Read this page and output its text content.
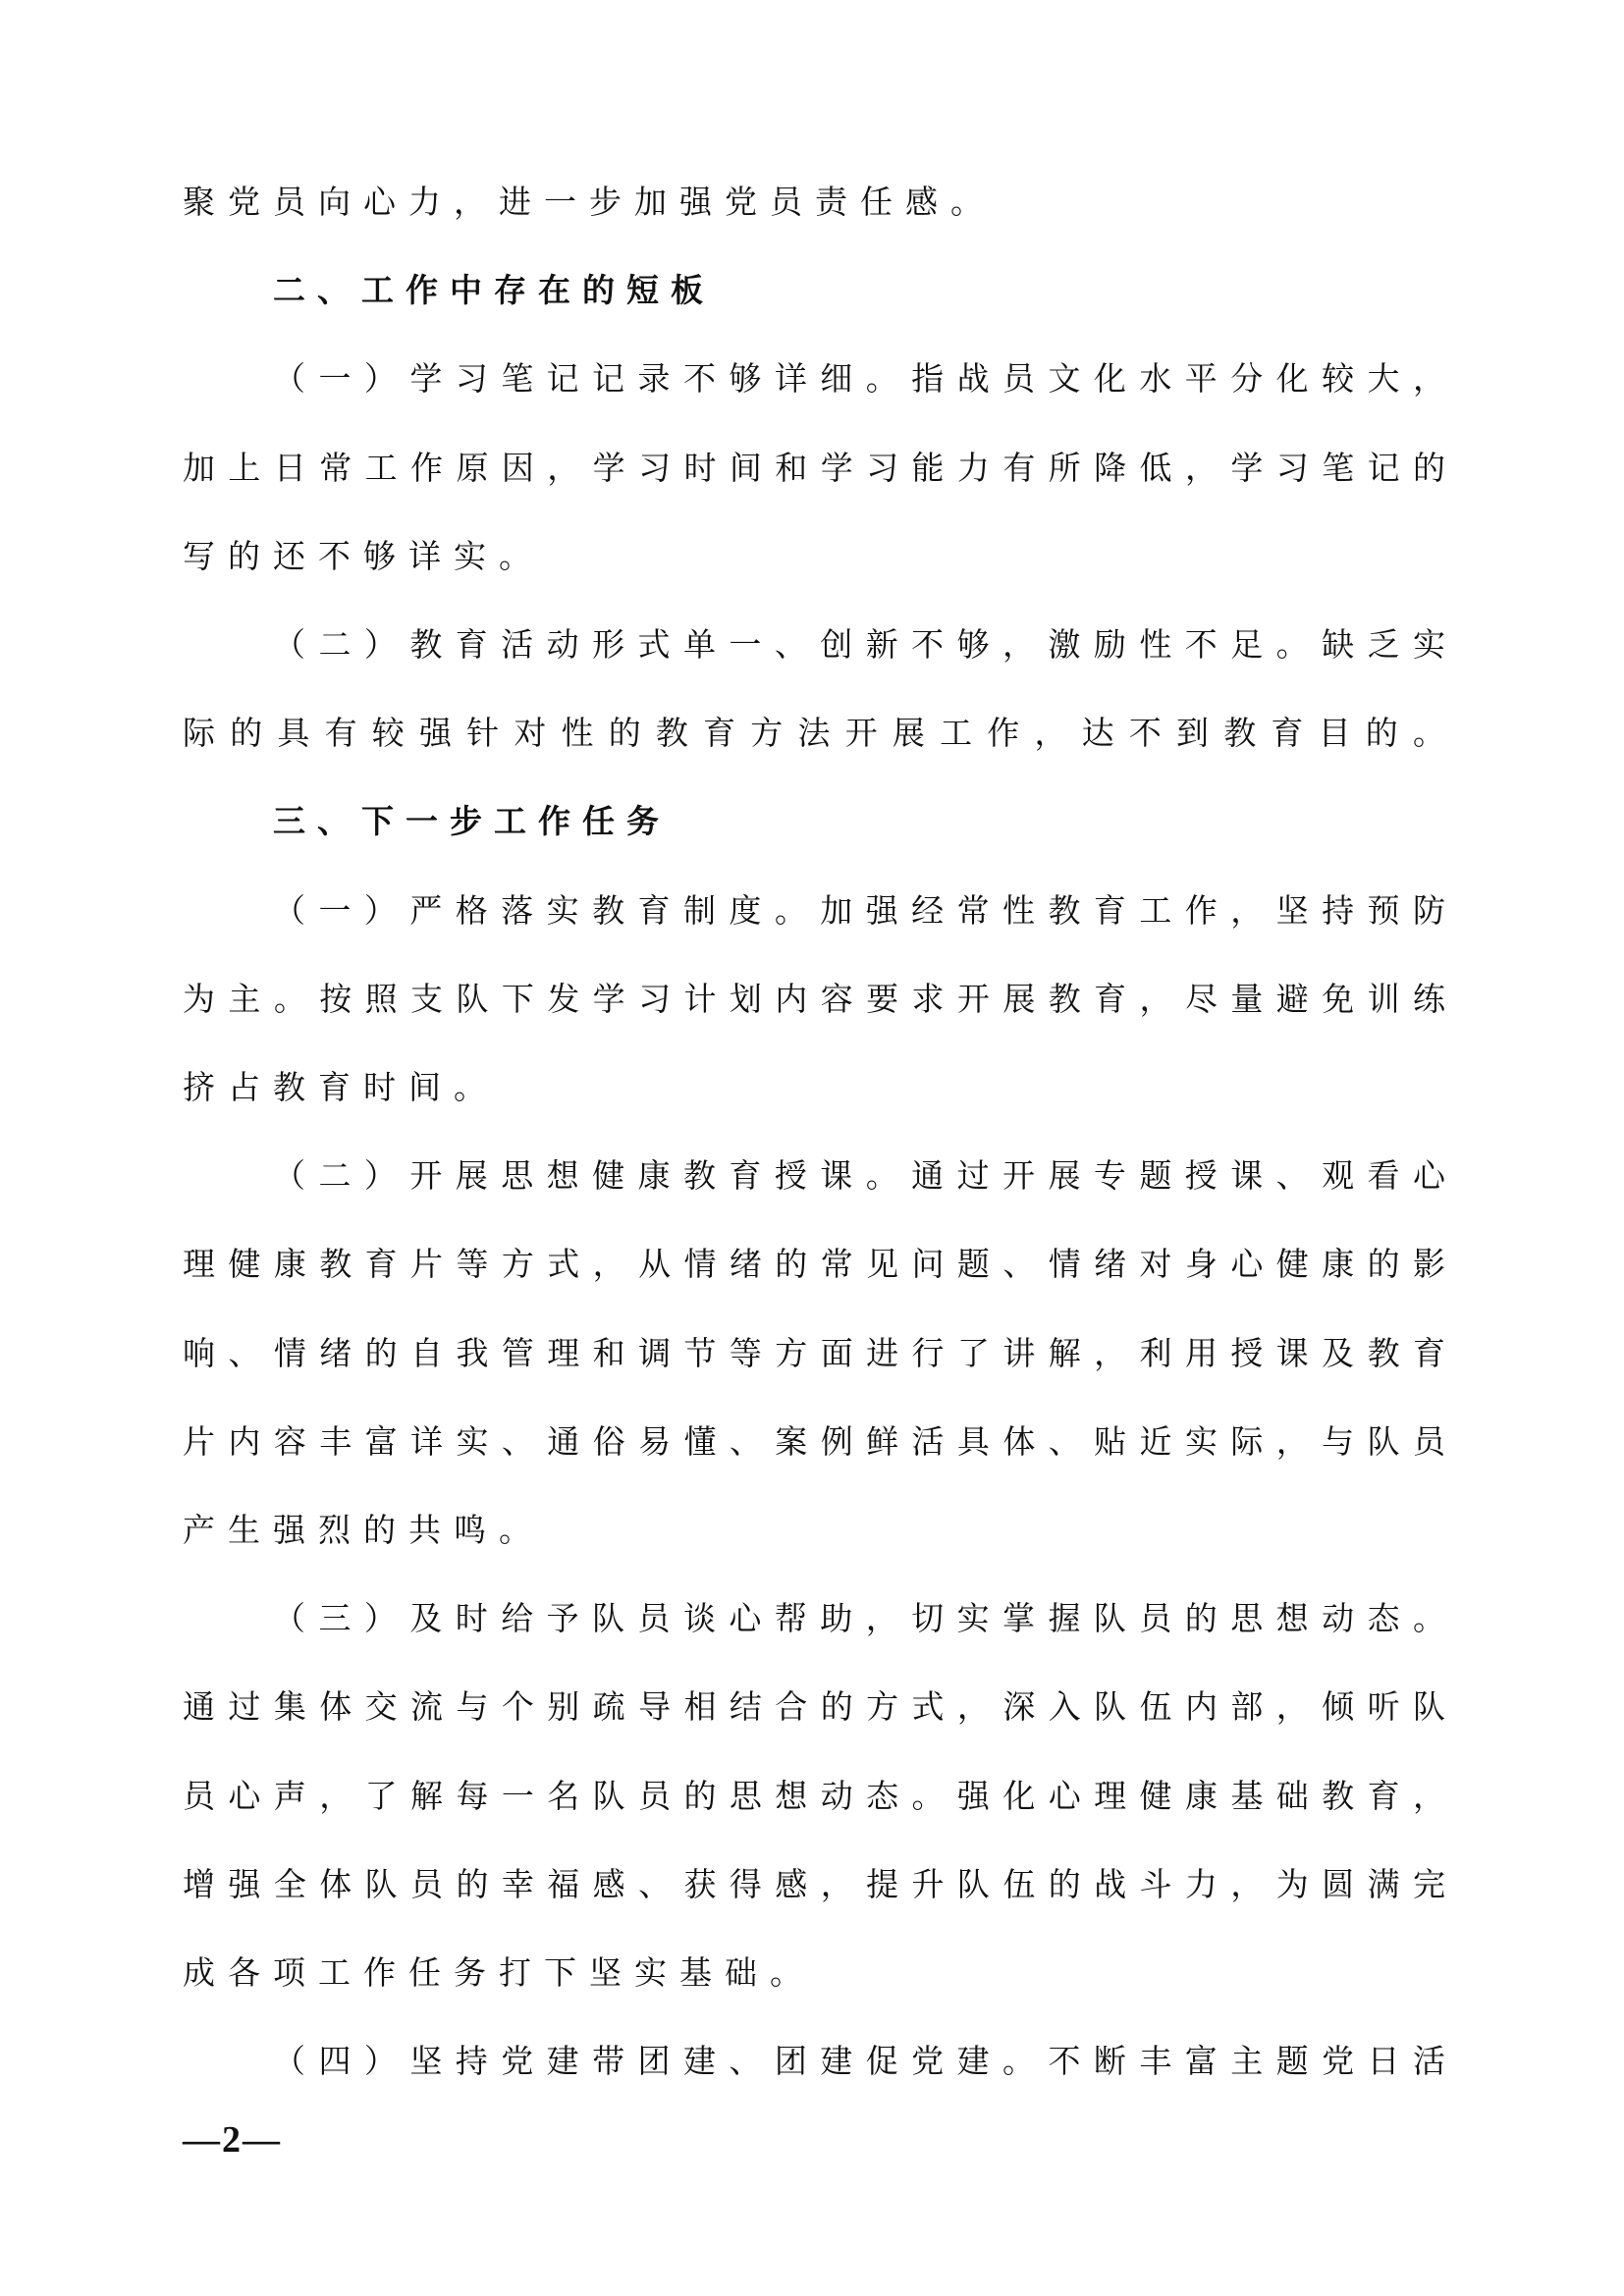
聚党员向心力，进一步加强党员责任感。
二、工作中存在的短板
（一）学习笔记记录不够详细。指战员文化水平分化较大，
加上日常工作原因，学习时间和学习能力有所降低，学习笔记的
写的还不够详实。
（二）教育活动形式单一、创新不够，激励性不足。缺乏实
际的具有较强针对性的教育方法开展工作，达不到教育目的。
三、下一步工作任务
（一）严格落实教育制度。加强经常性教育工作，坚持预防
为主。按照支队下发学习计划内容要求开展教育，尽量避免训练
挤占教育时间。
（二）开展思想健康教育授课。通过开展专题授课、观看心
理健康教育片等方式，从情绪的常见问题、情绪对身心健康的影
响、情绪的自我管理和调节等方面进行了讲解，利用授课及教育
片内容丰富详实、通俗易懂、案例鲜活具体、贴近实际，与队员
产生强烈的共鸣。
（三）及时给予队员谈心帮助，切实掌握队员的思想动态。
通过集体交流与个别疏导相结合的方式，深入队伍内部，倾听队
员心声，了解每一名队员的思想动态。强化心理健康基础教育，
增强全体队员的幸福感、获得感，提升队伍的战斗力，为圆满完
成各项工作任务打下坚实基础。
（四）坚持党建带团建、团建促党建。不断丰富主题党日活
—2—
